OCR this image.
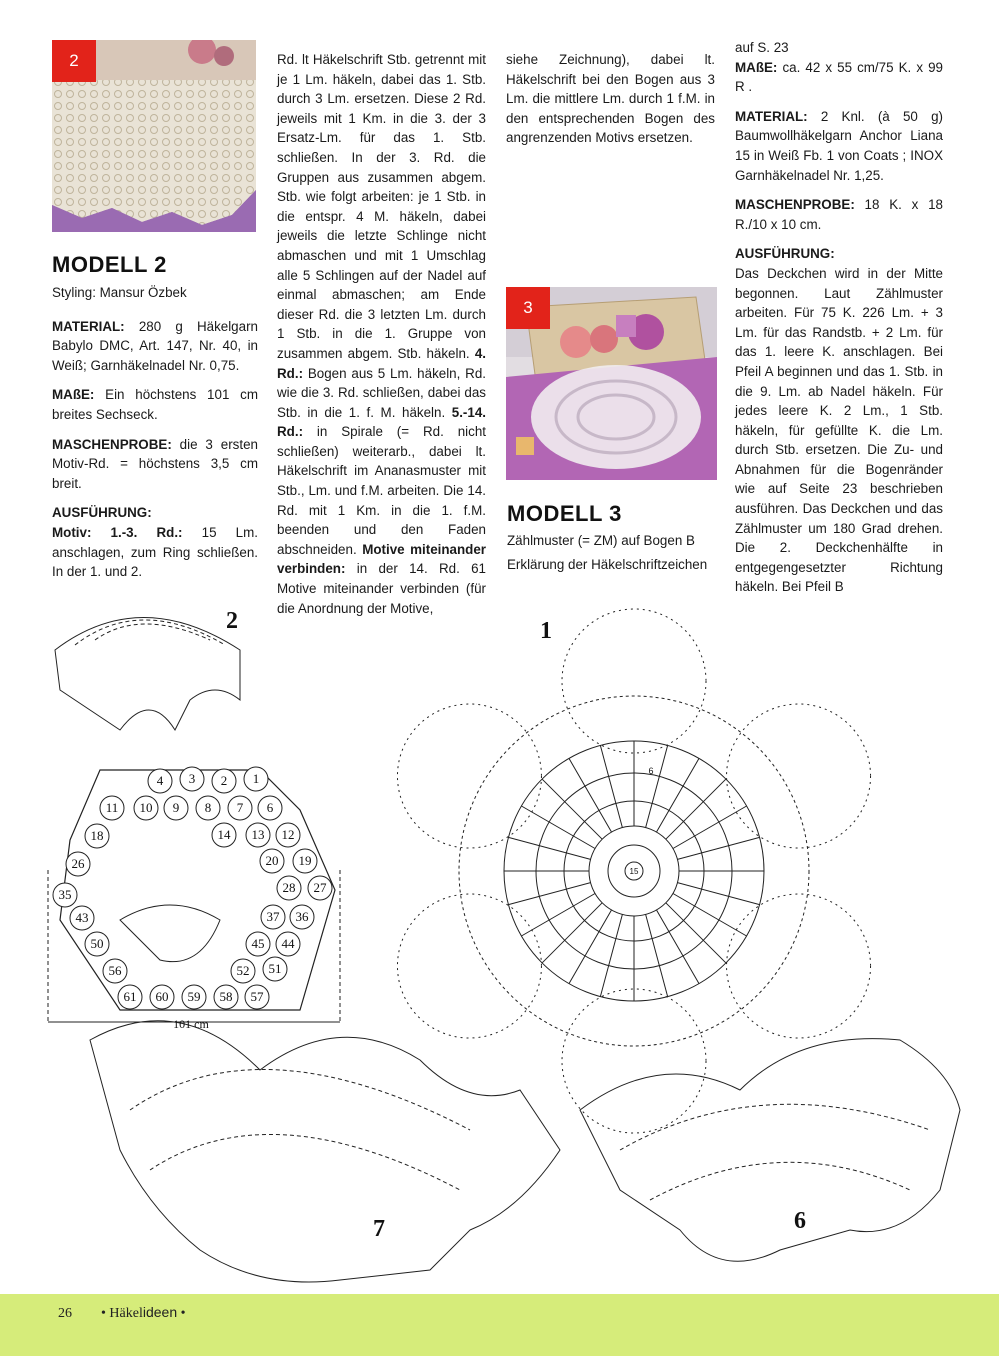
2
3
MODELL 2

Styling: Mansur Özbek

MATERIAL: 280 g Häkelgarn Babylo DMC, Art. 147, Nr. 40, in Weiß; Garnhäkelnadel Nr. 0,75.

MAßE: Ein höchstens 101 cm breites Sechseck.

MASCHENPROBE: die 3 ersten Motiv-Rd. = höchstens 3,5 cm breit.

AUSFÜHRUNG:

Motiv: 1.-3. Rd.: 15 Lm. anschlagen, zum Ring schließen. In der 1. und 2.

Rd. lt Häkelschrift Stb. getrennt mit je 1 Lm. häkeln, dabei das 1. Stb. durch 3 Lm. ersetzen. Diese 2 Rd. jeweils mit 1 Km. in die 3. der 3 Ersatz-Lm. für das 1. Stb. schließen. In der 3. Rd. die Gruppen aus zusammen abgem. Stb. wie folgt arbeiten: je 1 Stb. in die entspr. 4 M. häkeln, dabei jeweils die letzte Schlinge nicht abmaschen und mit 1 Umschlag alle 5 Schlingen auf der Nadel auf einmal abmaschen; am Ende dieser Rd. die 3 letzten Lm. durch 1 Stb. in die 1. Gruppe von zusammen abgem. Stb. häkeln. 4. Rd.: Bogen aus 5 Lm. häkeln, Rd. wie die 3. Rd. schließen, dabei das Stb. in die 1. f. M. häkeln. 5.-14. Rd.: in Spirale (= Rd. nicht schließen) weiterarb., dabei lt. Häkelschrift im Ananasmuster mit Stb., Lm. und f.M. arbeiten. Die 14. Rd. mit 1 Km. in die 1. f.M. beenden und den Faden abschneiden. Motive miteinander verbinden: in der 14. Rd. 61 Motive miteinander verbinden (für die Anordnung der Motive,

siehe Zeichnung), dabei lt. Häkelschrift bei den Bogen aus 3 Lm. die mittlere Lm. durch 1 f.M. in den entsprechenden Bogen des angrenzenden Motivs ersetzen.

MODELL 3
Zählmuster (= ZM) auf Bogen B
Erklärung der Häkelschriftzeichen

auf S. 23

MAßE: ca. 42 x 55 cm/75 K. x 99 R .

MATERIAL: 2 Knl. (à 50 g) Baumwollhäkelgarn Anchor Liana 15 in Weiß Fb. 1 von Coats ; INOX Garnhäkelnadel Nr. 1,25.

MASCHENPROBE: 18 K. x 18 R./10 x 10 cm.

AUSFÜHRUNG:

Das Deckchen wird in der Mitte begonnen. Laut Zählmuster arbeiten. Für 75 K. 226 Lm. + 3 Lm. für das Randstb. + 2 Lm. für das 1. leere K. anschlagen. Bei Pfeil A beginnen und das 1. Stb. in die 9. Lm. ab Nadel häkeln. Für jedes leere K. 2 Lm., 1 Stb. häkeln, für gefüllte K. die Lm. durch Stb. ersetzen. Die Zu- und Abnahmen für die Bogenränder wie auf Seite 23 beschrieben ausführen. Das Deckchen und das Zählmuster um 180 Grad drehen. Die 2. Deckchenhälfte in entgegengesetzter Richtung häkeln. Bei Pfeil B

1
2
3
4
6
7
8
9
10
11
12
13
14
18
19
20
26
27
28
35
36
37
43
44
45
50
51
52
56
57
58
59
60
61
15
6
101 cm
2	1
7	6
26 • Häkelideen •
